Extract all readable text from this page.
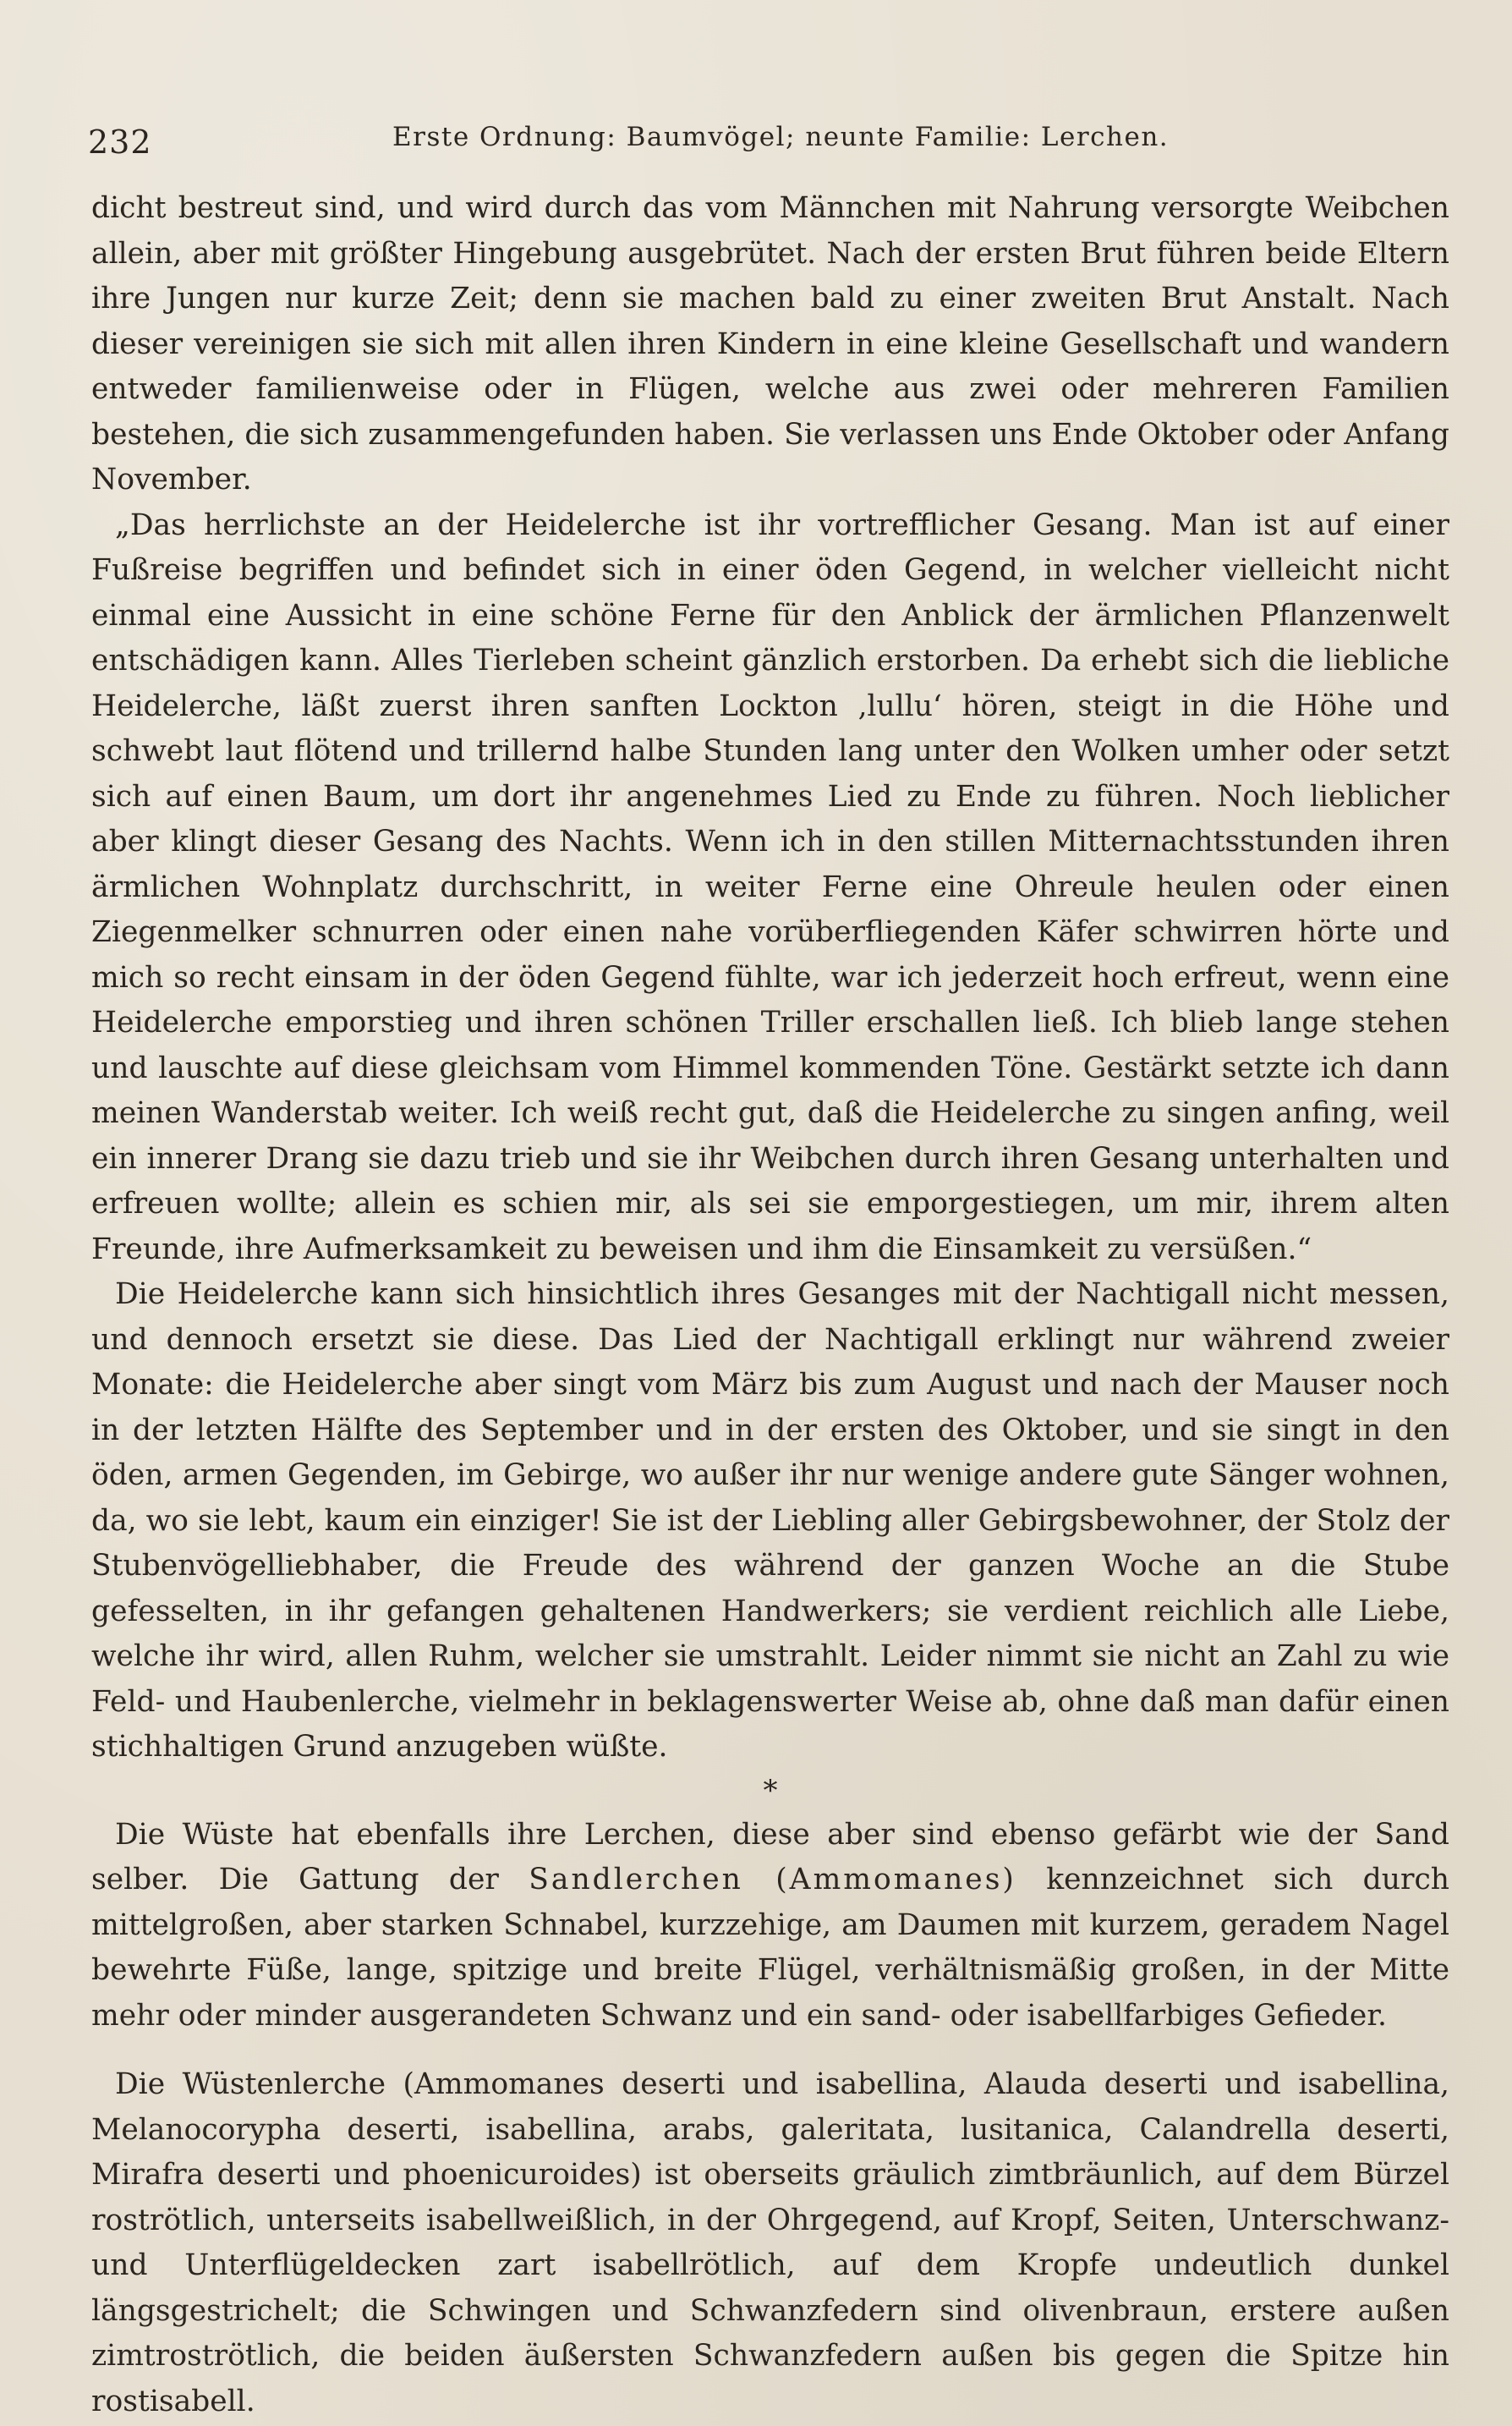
232	Erste Ordnung: Baumvögel; neunte Familie: Lerchen.

dicht bestreut sind, und wird durch das vom Männchen mit Nahrung versorgte Weibchen allein, aber mit größter Hingebung ausgebrütet. Nach der ersten Brut führen beide Eltern ihre Jungen nur kurze Zeit; denn sie machen bald zu einer zweiten Brut Anstalt. Nach dieser vereinigen sie sich mit allen ihren Kindern in eine kleine Gesellschaft und wandern entweder familienweise oder in Flügen, welche aus zwei oder mehreren Familien bestehen, die sich zusammengefunden haben. Sie verlassen uns Ende Oktober oder Anfang November.

„Das herrlichste an der Heidelerche ist ihr vortrefflicher Gesang. Man ist auf einer Fußreise begriffen und befindet sich in einer öden Gegend, in welcher vielleicht nicht einmal eine Aussicht in eine schöne Ferne für den Anblick der ärmlichen Pflanzenwelt entschädigen kann. Alles Tierleben scheint gänzlich erstorben. Da erhebt sich die liebliche Heidelerche, läßt zuerst ihren sanften Lockton ‚lullu‘ hören, steigt in die Höhe und schwebt laut flötend und trillernd halbe Stunden lang unter den Wolken umher oder setzt sich auf einen Baum, um dort ihr angenehmes Lied zu Ende zu führen. Noch lieblicher aber klingt dieser Gesang des Nachts. Wenn ich in den stillen Mitternachtsstunden ihren ärmlichen Wohnplatz durchschritt, in weiter Ferne eine Ohreule heulen oder einen Ziegenmelker schnurren oder einen nahe vorüberfliegenden Käfer schwirren hörte und mich so recht einsam in der öden Gegend fühlte, war ich jederzeit hoch erfreut, wenn eine Heidelerche emporstieg und ihren schönen Triller erschallen ließ. Ich blieb lange stehen und lauschte auf diese gleichsam vom Himmel kommenden Töne. Gestärkt setzte ich dann meinen Wanderstab weiter. Ich weiß recht gut, daß die Heidelerche zu singen anfing, weil ein innerer Drang sie dazu trieb und sie ihr Weibchen durch ihren Gesang unterhalten und erfreuen wollte; allein es schien mir, als sei sie emporgestiegen, um mir, ihrem alten Freunde, ihre Aufmerksamkeit zu beweisen und ihm die Einsamkeit zu versüßen.“

Die Heidelerche kann sich hinsichtlich ihres Gesanges mit der Nachtigall nicht messen, und dennoch ersetzt sie diese. Das Lied der Nachtigall erklingt nur während zweier Monate: die Heidelerche aber singt vom März bis zum August und nach der Mauser noch in der letzten Hälfte des September und in der ersten des Oktober, und sie singt in den öden, armen Gegenden, im Gebirge, wo außer ihr nur wenige andere gute Sänger wohnen, da, wo sie lebt, kaum ein einziger! Sie ist der Liebling aller Gebirgsbewohner, der Stolz der Stubenvögelliebhaber, die Freude des während der ganzen Woche an die Stube gefesselten, in ihr gefangen gehaltenen Handwerkers; sie verdient reichlich alle Liebe, welche ihr wird, allen Ruhm, welcher sie umstrahlt. Leider nimmt sie nicht an Zahl zu wie Feld- und Haubenlerche, vielmehr in beklagenswerter Weise ab, ohne daß man dafür einen stichhaltigen Grund anzugeben wüßte.

*

Die Wüste hat ebenfalls ihre Lerchen, diese aber sind ebenso gefärbt wie der Sand selber. Die Gattung der Sandlerchen (Ammomanes) kennzeichnet sich durch mittelgroßen, aber starken Schnabel, kurzzehige, am Daumen mit kurzem, geradem Nagel bewehrte Füße, lange, spitzige und breite Flügel, verhältnismäßig großen, in der Mitte mehr oder minder ausgerandeten Schwanz und ein sand- oder isabellfarbiges Gefieder.

Die Wüstenlerche (Ammomanes deserti und isabellina, Alauda deserti und isabellina, Melanocorypha deserti, isabellina, arabs, galeritata, lusitanica, Calandrella deserti, Mirafra deserti und phoenicuroides) ist oberseits gräulich zimtbräunlich, auf dem Bürzel roströtlich, unterseits isabellweißlich, in der Ohrgegend, auf Kropf, Seiten, Unterschwanz- und Unterflügeldecken zart isabellrötlich, auf dem Kropfe undeutlich dunkel längsgestrichelt; die Schwingen und Schwanzfedern sind olivenbraun, erstere außen zimtroströtlich, die beiden äußersten Schwanzfedern außen bis gegen die Spitze hin rostisabell.
